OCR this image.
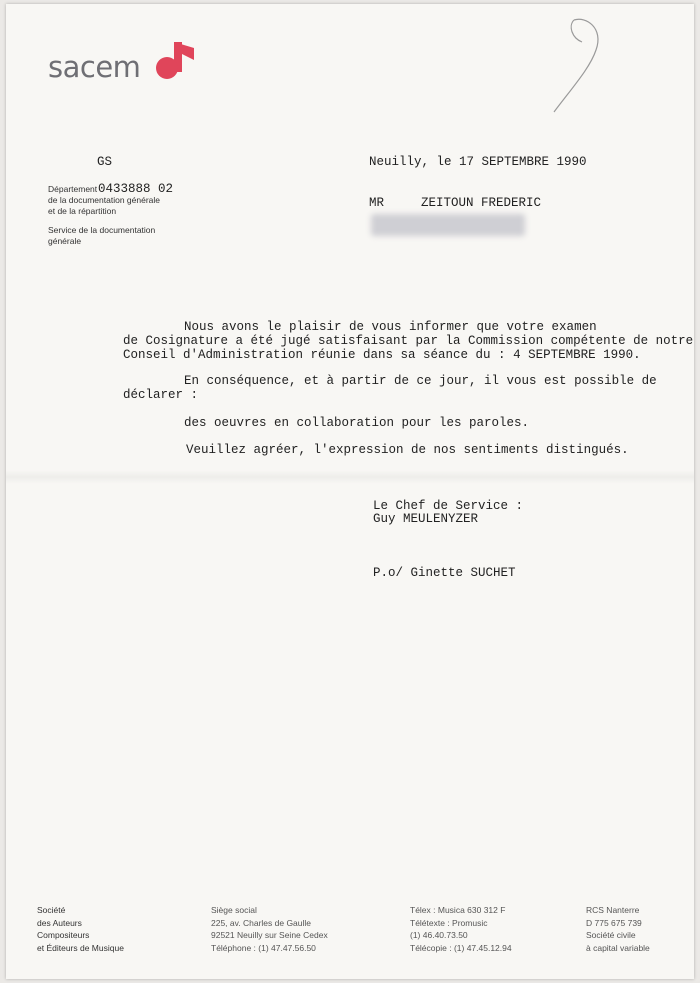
sacem
GS
Département
de la documentation générale
et de la répartition
0433888 02
Service de la documentation
générale
Neuilly, le 17 SEPTEMBRE 1990
MR	ZEITOUN FREDERIC
Nous avons le plaisir de vous informer que votre examen
de Cosignature a été jugé satisfaisant par la Commission compétente de notre
Conseil d'Administration réunie dans sa séance du : 4 SEPTEMBRE 1990.
En conséquence, et à partir de ce jour, il vous est possible de
déclarer :
des oeuvres en collaboration pour les paroles.
Veuillez agréer, l'expression de nos sentiments distingués.
Le Chef de Service :
Guy MEULENYZER
P.o/ Ginette SUCHET
Société
des Auteurs
Compositeurs
et Éditeurs de Musique
Siège social
225, av. Charles de Gaulle
92521 Neuilly sur Seine Cedex
Téléphone : (1) 47.47.56.50
Télex : Musica 630 312 F
Télétexte : Promusic
(1) 46.40.73.50
Télécopie : (1) 47.45.12.94
RCS Nanterre
D 775 675 739
Société civile
à capital variable
